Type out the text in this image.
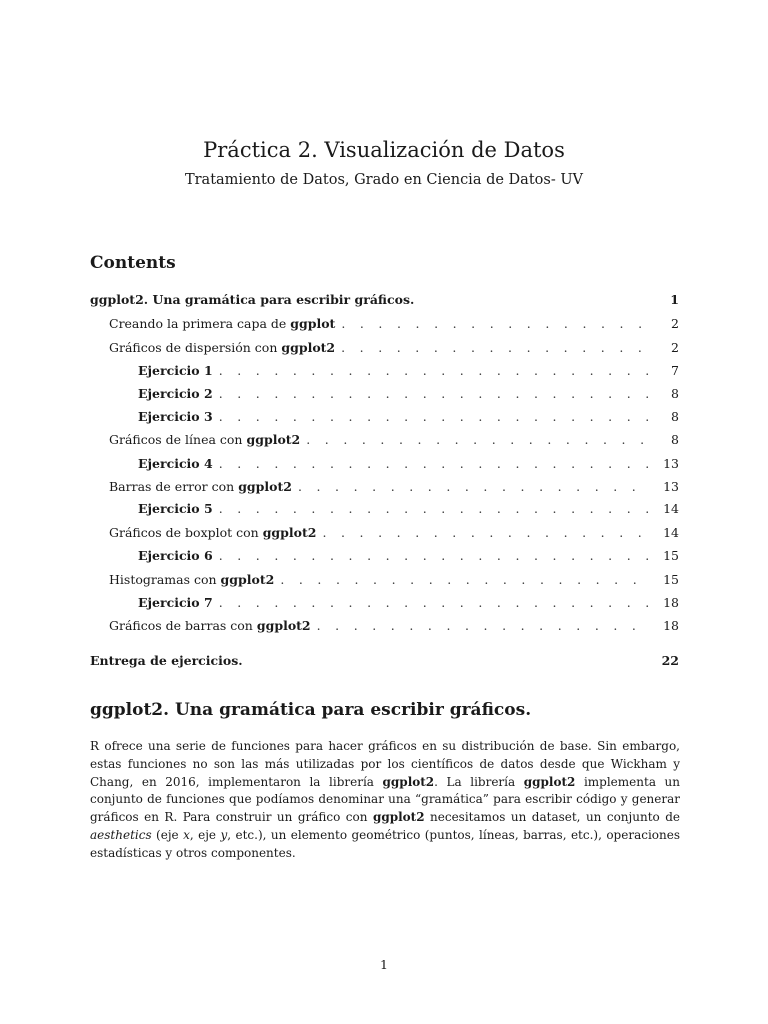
Práctica 2. Visualización de Datos
Tratamiento de Datos, Grado en Ciencia de Datos- UV
Contents
ggplot2. Una gramática para escribir gráficos.	1
Creando la primera capa de ggplot . . .	2
Gráficos de dispersión con ggplot2 . . .	2
Ejercicio 1 . . .	7
Ejercicio 2 . . .	8
Ejercicio 3 . . .	8
Gráficos de línea con ggplot2 . . .	8
Ejercicio 4 . . .	13
Barras de error con ggplot2 . . .	13
Ejercicio 5 . . .	14
Gráficos de boxplot con ggplot2 . . .	14
Ejercicio 6 . . .	15
Histogramas con ggplot2 . . .	15
Ejercicio 7 . . .	18
Gráficos de barras con ggplot2 . . .	18
Entrega de ejercicios.	22
ggplot2. Una gramática para escribir gráficos.

R ofrece una serie de funciones para hacer gráficos en su distribución de base. Sin embargo, estas funciones no son las más utilizadas por los científicos de datos desde que Wickham y Chang, en 2016, implementaron la librería ggplot2. La librería ggplot2 implementa un conjunto de funciones que podíamos denominar una “gramática” para escribir código y generar gráficos en R. Para construir un gráfico con ggplot2 necesitamos un dataset, un conjunto de aesthetics (eje x, eje y, etc.), un elemento geométrico (puntos, líneas, barras, etc.), operaciones estadísticas y otros componentes.

1
